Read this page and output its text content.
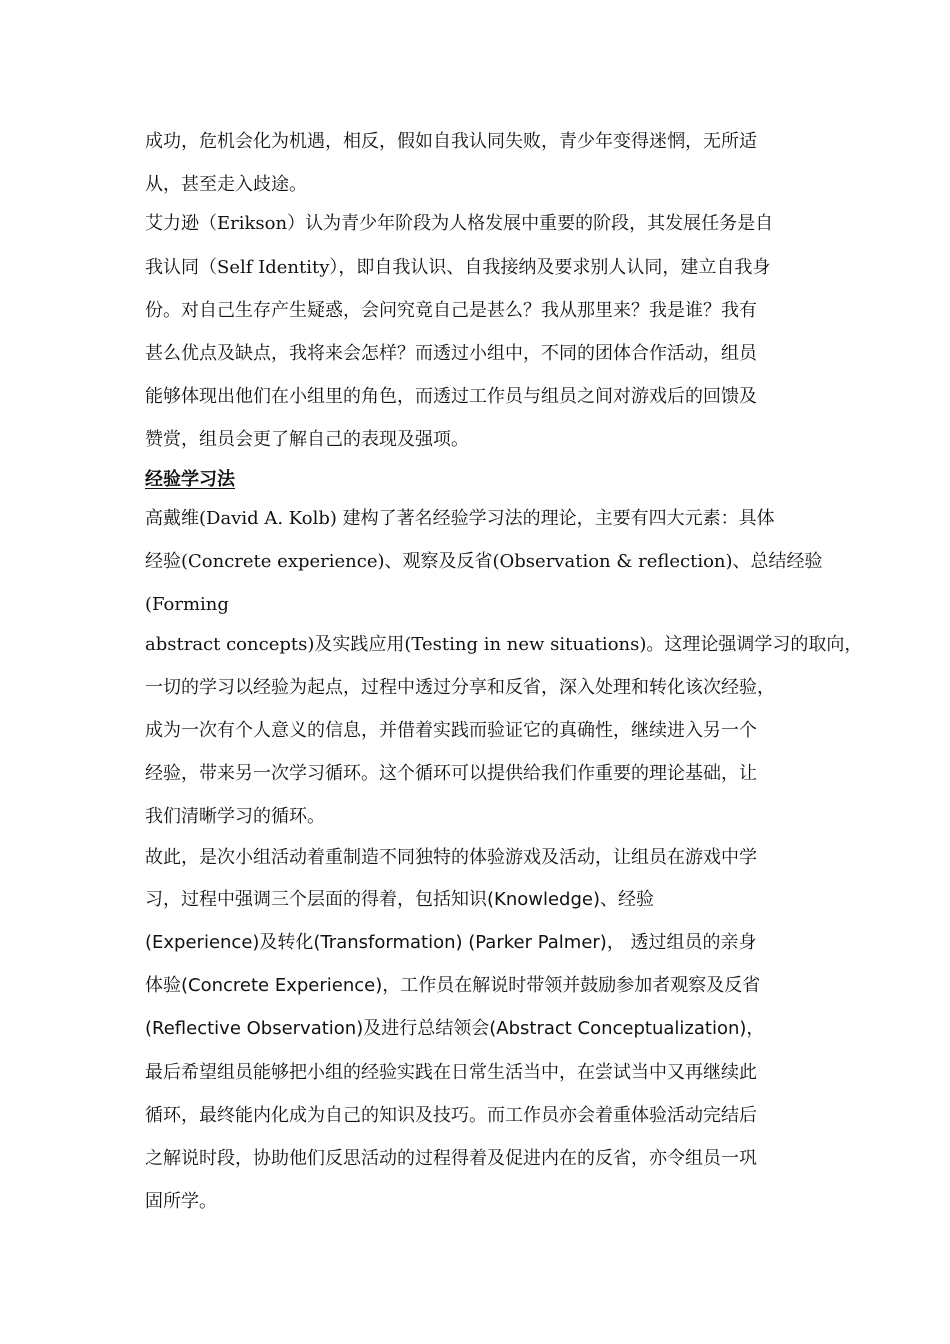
成功，危机会化为机遇，相反，假如自我认同失败，青少年变得迷惘，无所适

从，甚至走入歧途。

艾力逊（Erikson）认为青少年阶段为人格发展中重要的阶段，其发展任务是自

我认同（Self Identity），即自我认识、自我接纳及要求别人认同，建立自我身

份。对自己生存产生疑惑，会问究竟自己是甚么？我从那里来？我是谁？我有

甚么优点及缺点，我将来会怎样？而透过小组中，不同的团体合作活动，组员

能够体现出他们在小组里的角色，而透过工作员与组员之间对游戏后的回馈及

赞赏，组员会更了解自己的表现及强项。

经验学习法

高戴维(David A. Kolb) 建构了著名经验学习法的理论，主要有四大元素：具体

经验(Concrete experience)、观察及反省(Observation & reflection)、总结经验

(Forming

abstract concepts)及实践应用(Testing in new situations)。这理论强调学习的取向，

一切的学习以经验为起点，过程中透过分享和反省，深入处理和转化该次经验，

成为一次有个人意义的信息，并借着实践而验证它的真确性，继续进入另一个

经验，带来另一次学习循环。这个循环可以提供给我们作重要的理论基础，让

我们清晰学习的循环。

故此，是次小组活动着重制造不同独特的体验游戏及活动，让组员在游戏中学

习，过程中强调三个层面的得着，包括知识(Knowledge)、经验

(Experience)及转化(Transformation) (Parker Palmer)， 透过组员的亲身

体验(Concrete Experience)，工作员在解说时带领并鼓励参加者观察及反省

(Reflective Observation)及进行总结领会(Abstract Conceptualization)，

最后希望组员能够把小组的经验实践在日常生活当中，在尝试当中又再继续此

循环，最终能内化成为自己的知识及技巧。而工作员亦会着重体验活动完结后

之解说时段，协助他们反思活动的过程得着及促进内在的反省，亦令组员一巩

固所学。
